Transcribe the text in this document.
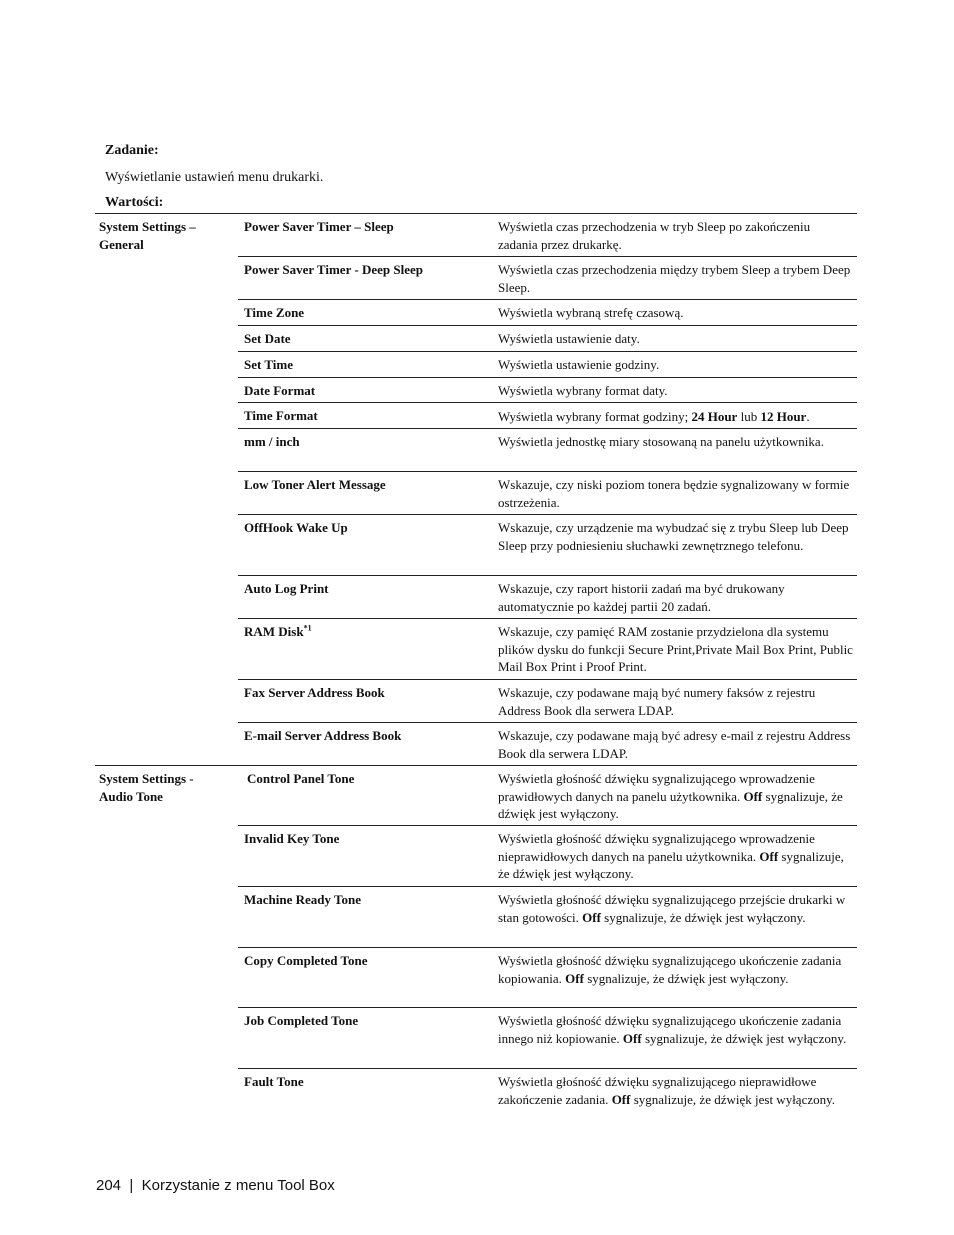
Zadanie:
Wyświetlanie ustawień menu drukarki.
Wartości:
System Settings – General
Power Saver Timer – Sleep	Wyświetla czas przechodzenia w tryb Sleep po zakończeniu zadania przez drukarkę.
Power Saver Timer - Deep Sleep	Wyświetla czas przechodzenia między trybem Sleep a trybem Deep Sleep.
Time Zone	Wyświetla wybraną strefę czasową.
Set Date	Wyświetla ustawienie daty.
Set Time	Wyświetla ustawienie godziny.
Date Format	Wyświetla wybrany format daty.
Time Format	Wyświetla wybrany format godziny; 24 Hour lub 12 Hour.
mm / inch	Wyświetla jednostkę miary stosowaną na panelu użytkownika.
Low Toner Alert Message	Wskazuje, czy niski poziom tonera będzie sygnalizowany w formie ostrzeżenia.
OffHook Wake Up	Wskazuje, czy urządzenie ma wybudzać się z trybu Sleep lub Deep Sleep przy podniesieniu słuchawki zewnętrznego telefonu.
Auto Log Print	Wskazuje, czy raport historii zadań ma być drukowany automatycznie po każdej partii 20 zadań.
RAM Disk$^{*1}$	Wskazuje, czy pamięć RAM zostanie przydzielona dla systemu plików dysku do funkcji Secure Print,Private Mail Box Print, Public Mail Box Print i Proof Print.
Fax Server Address Book	Wskazuje, czy podawane mają być numery faksów z rejestru Address Book dla serwera LDAP.
E-mail Server Address Book	Wskazuje, czy podawane mają być adresy e-mail z rejestru Address Book dla serwera LDAP.
System Settings - Audio Tone
Control Panel Tone	Wyświetla głośność dźwięku sygnalizującego wprowadzenie prawidłowych danych na panelu użytkownika. Off sygnalizuje, że dźwięk jest wyłączony.
Invalid Key Tone	Wyświetla głośność dźwięku sygnalizującego wprowadzenie nieprawidłowych danych na panelu użytkownika. Off sygnalizuje, że dźwięk jest wyłączony.
Machine Ready Tone	Wyświetla głośność dźwięku sygnalizującego przejście drukarki w stan gotowości. Off sygnalizuje, że dźwięk jest wyłączony.
Copy Completed Tone	Wyświetla głośność dźwięku sygnalizującego ukończenie zadania kopiowania. Off sygnalizuje, że dźwięk jest wyłączony.
Job Completed Tone	Wyświetla głośność dźwięku sygnalizującego ukończenie zadania innego niż kopiowanie. Off sygnalizuje, że dźwięk jest wyłączony.
Fault Tone	Wyświetla głośność dźwięku sygnalizującego nieprawidłowe zakończenie zadania. Off sygnalizuje, że dźwięk jest wyłączony.
204 | Korzystanie z menu Tool Box
